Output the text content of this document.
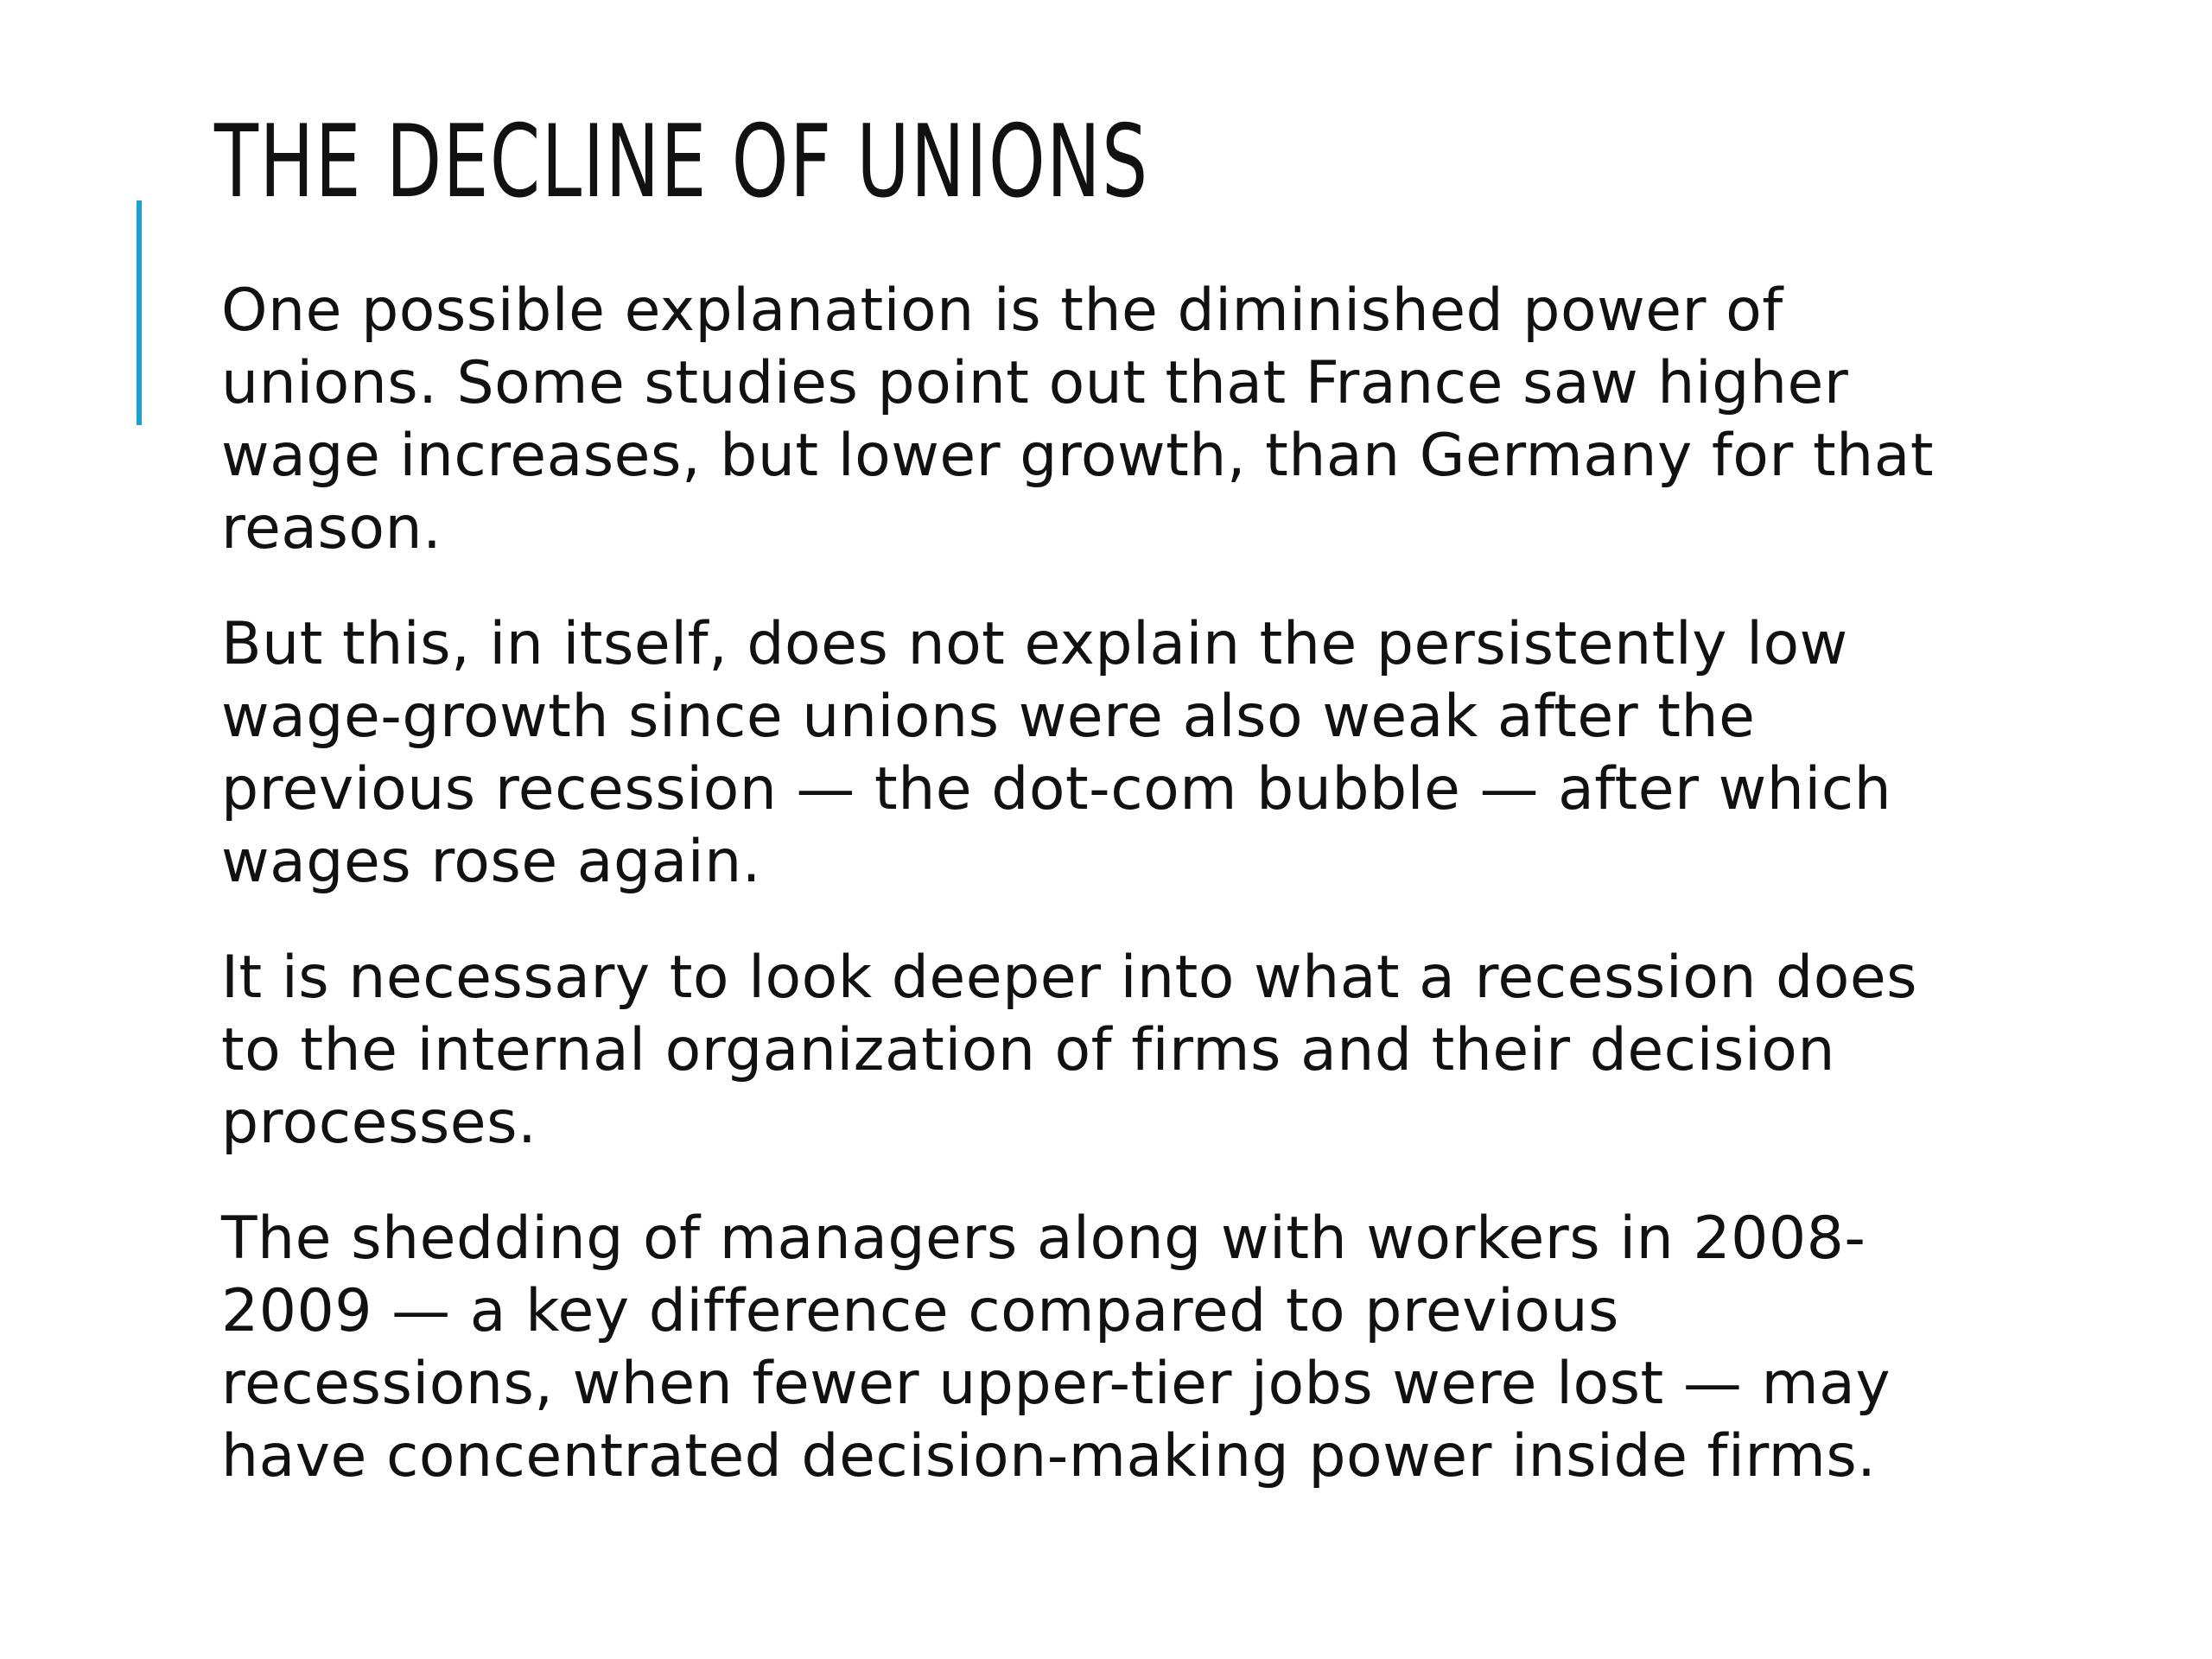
THE DECLINE OF UNIONS

One possible explanation is the diminished power of
unions. Some studies point out that France saw higher
wage increases, but lower growth, than Germany for that
reason.

But this, in itself, does not explain the persistently low
wage-growth since unions were also weak after the
previous recession — the dot-com bubble — after which
wages rose again.

It is necessary to look deeper into what a recession does
to the internal organization of firms and their decision
processes.

The shedding of managers along with workers in 2008-
2009 — a key difference compared to previous
recessions, when fewer upper-tier jobs were lost — may
have concentrated decision-making power inside firms.
